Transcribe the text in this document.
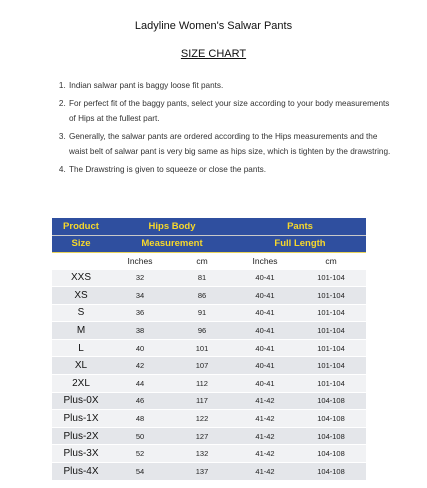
Ladyline Women's Salwar Pants
SIZE CHART
1. Indian salwar pant is baggy loose fit pants.
2. For perfect fit of the baggy pants, select your size according to your body measurements of Hips at the fullest part.
3. Generally, the salwar pants are ordered according to the Hips measurements and the waist belt of salwar pant is very big same as hips size, which is tighten by the drawstring.
4. The Drawstring is given to squeeze or close the pants.
Product	Hips Body		Pants	
Size	Measurement		Full Length	
	Inches	cm	Inches	cm
XXS	32	81	40-41	101-104
XS	34	86	40-41	101-104
S	36	91	40-41	101-104
M	38	96	40-41	101-104
L	40	101	40-41	101-104
XL	42	107	40-41	101-104
2XL	44	112	40-41	101-104
Plus-0X	46	117	41-42	104-108
Plus-1X	48	122	41-42	104-108
Plus-2X	50	127	41-42	104-108
Plus-3X	52	132	41-42	104-108
Plus-4X	54	137	41-42	104-108
